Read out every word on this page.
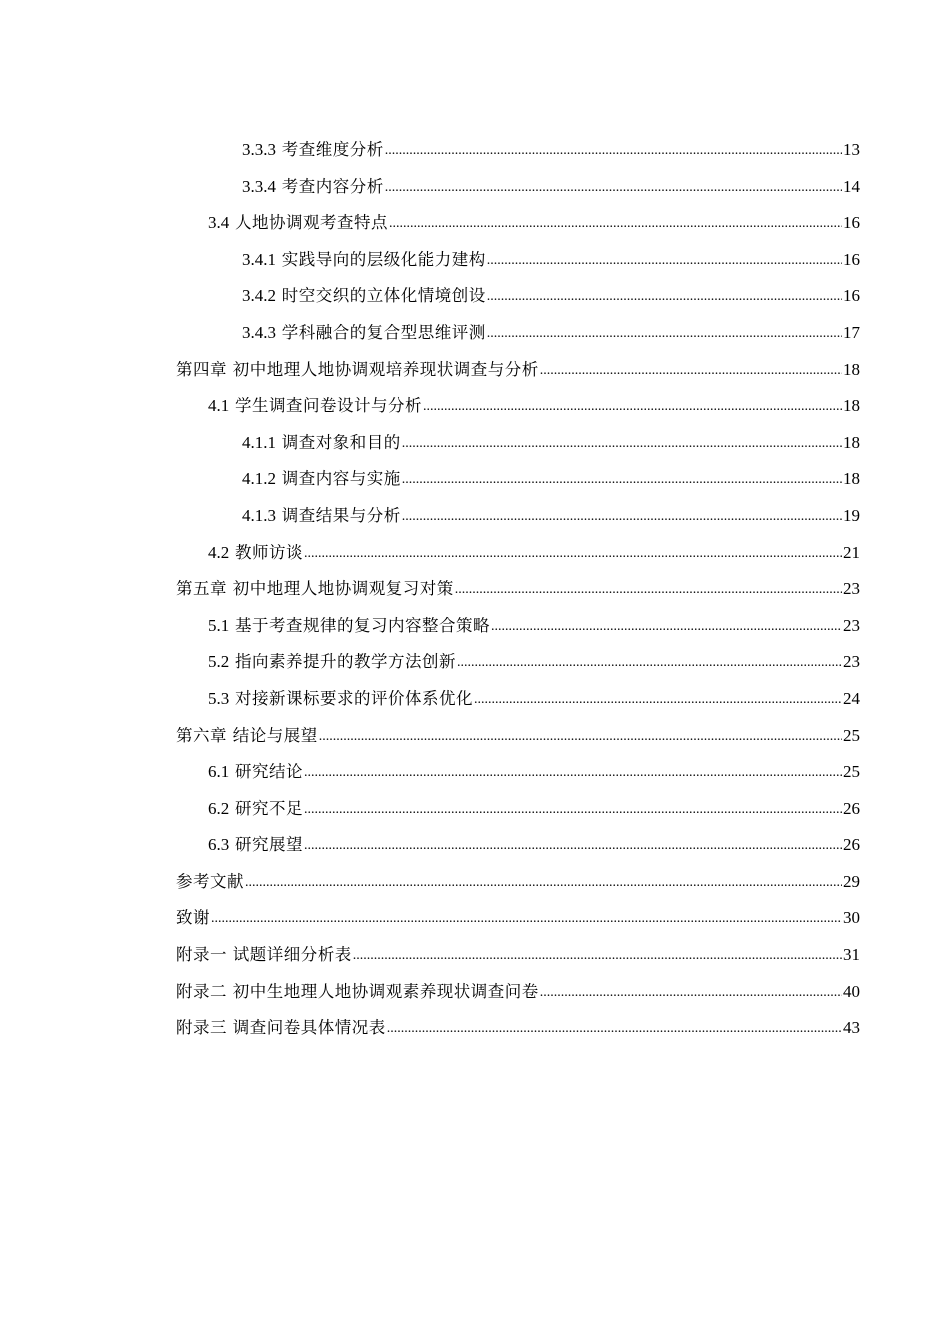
3.3.3 考查维度分析 .....	13
3.3.4 考查内容分析 .....	14
3.4 人地协调观考查特点 .....	16
3.4.1 实践导向的层级化能力建构 .....	16
3.4.2 时空交织的立体化情境创设 .....	16
3.4.3 学科融合的复合型思维评测 .....	17
第四章 初中地理人地协调观培养现状调查与分析 .....	18
4.1 学生调查问卷设计与分析 .....	18
4.1.1 调查对象和目的 .....	18
4.1.2 调查内容与实施 .....	18
4.1.3 调查结果与分析 .....	19
4.2 教师访谈 .....	21
第五章 初中地理人地协调观复习对策 .....	23
5.1 基于考查规律的复习内容整合策略 .....	23
5.2 指向素养提升的教学方法创新 .....	23
5.3 对接新课标要求的评价体系优化 .....	24
第六章 结论与展望 .....	25
6.1 研究结论 .....	25
6.2 研究不足 .....	26
6.3 研究展望 .....	26
参考文献 .....	29
致谢 .....	30
附录一 试题详细分析表 .....	31
附录二 初中生地理人地协调观素养现状调查问卷 .....	40
附录三 调查问卷具体情况表 .....	43
